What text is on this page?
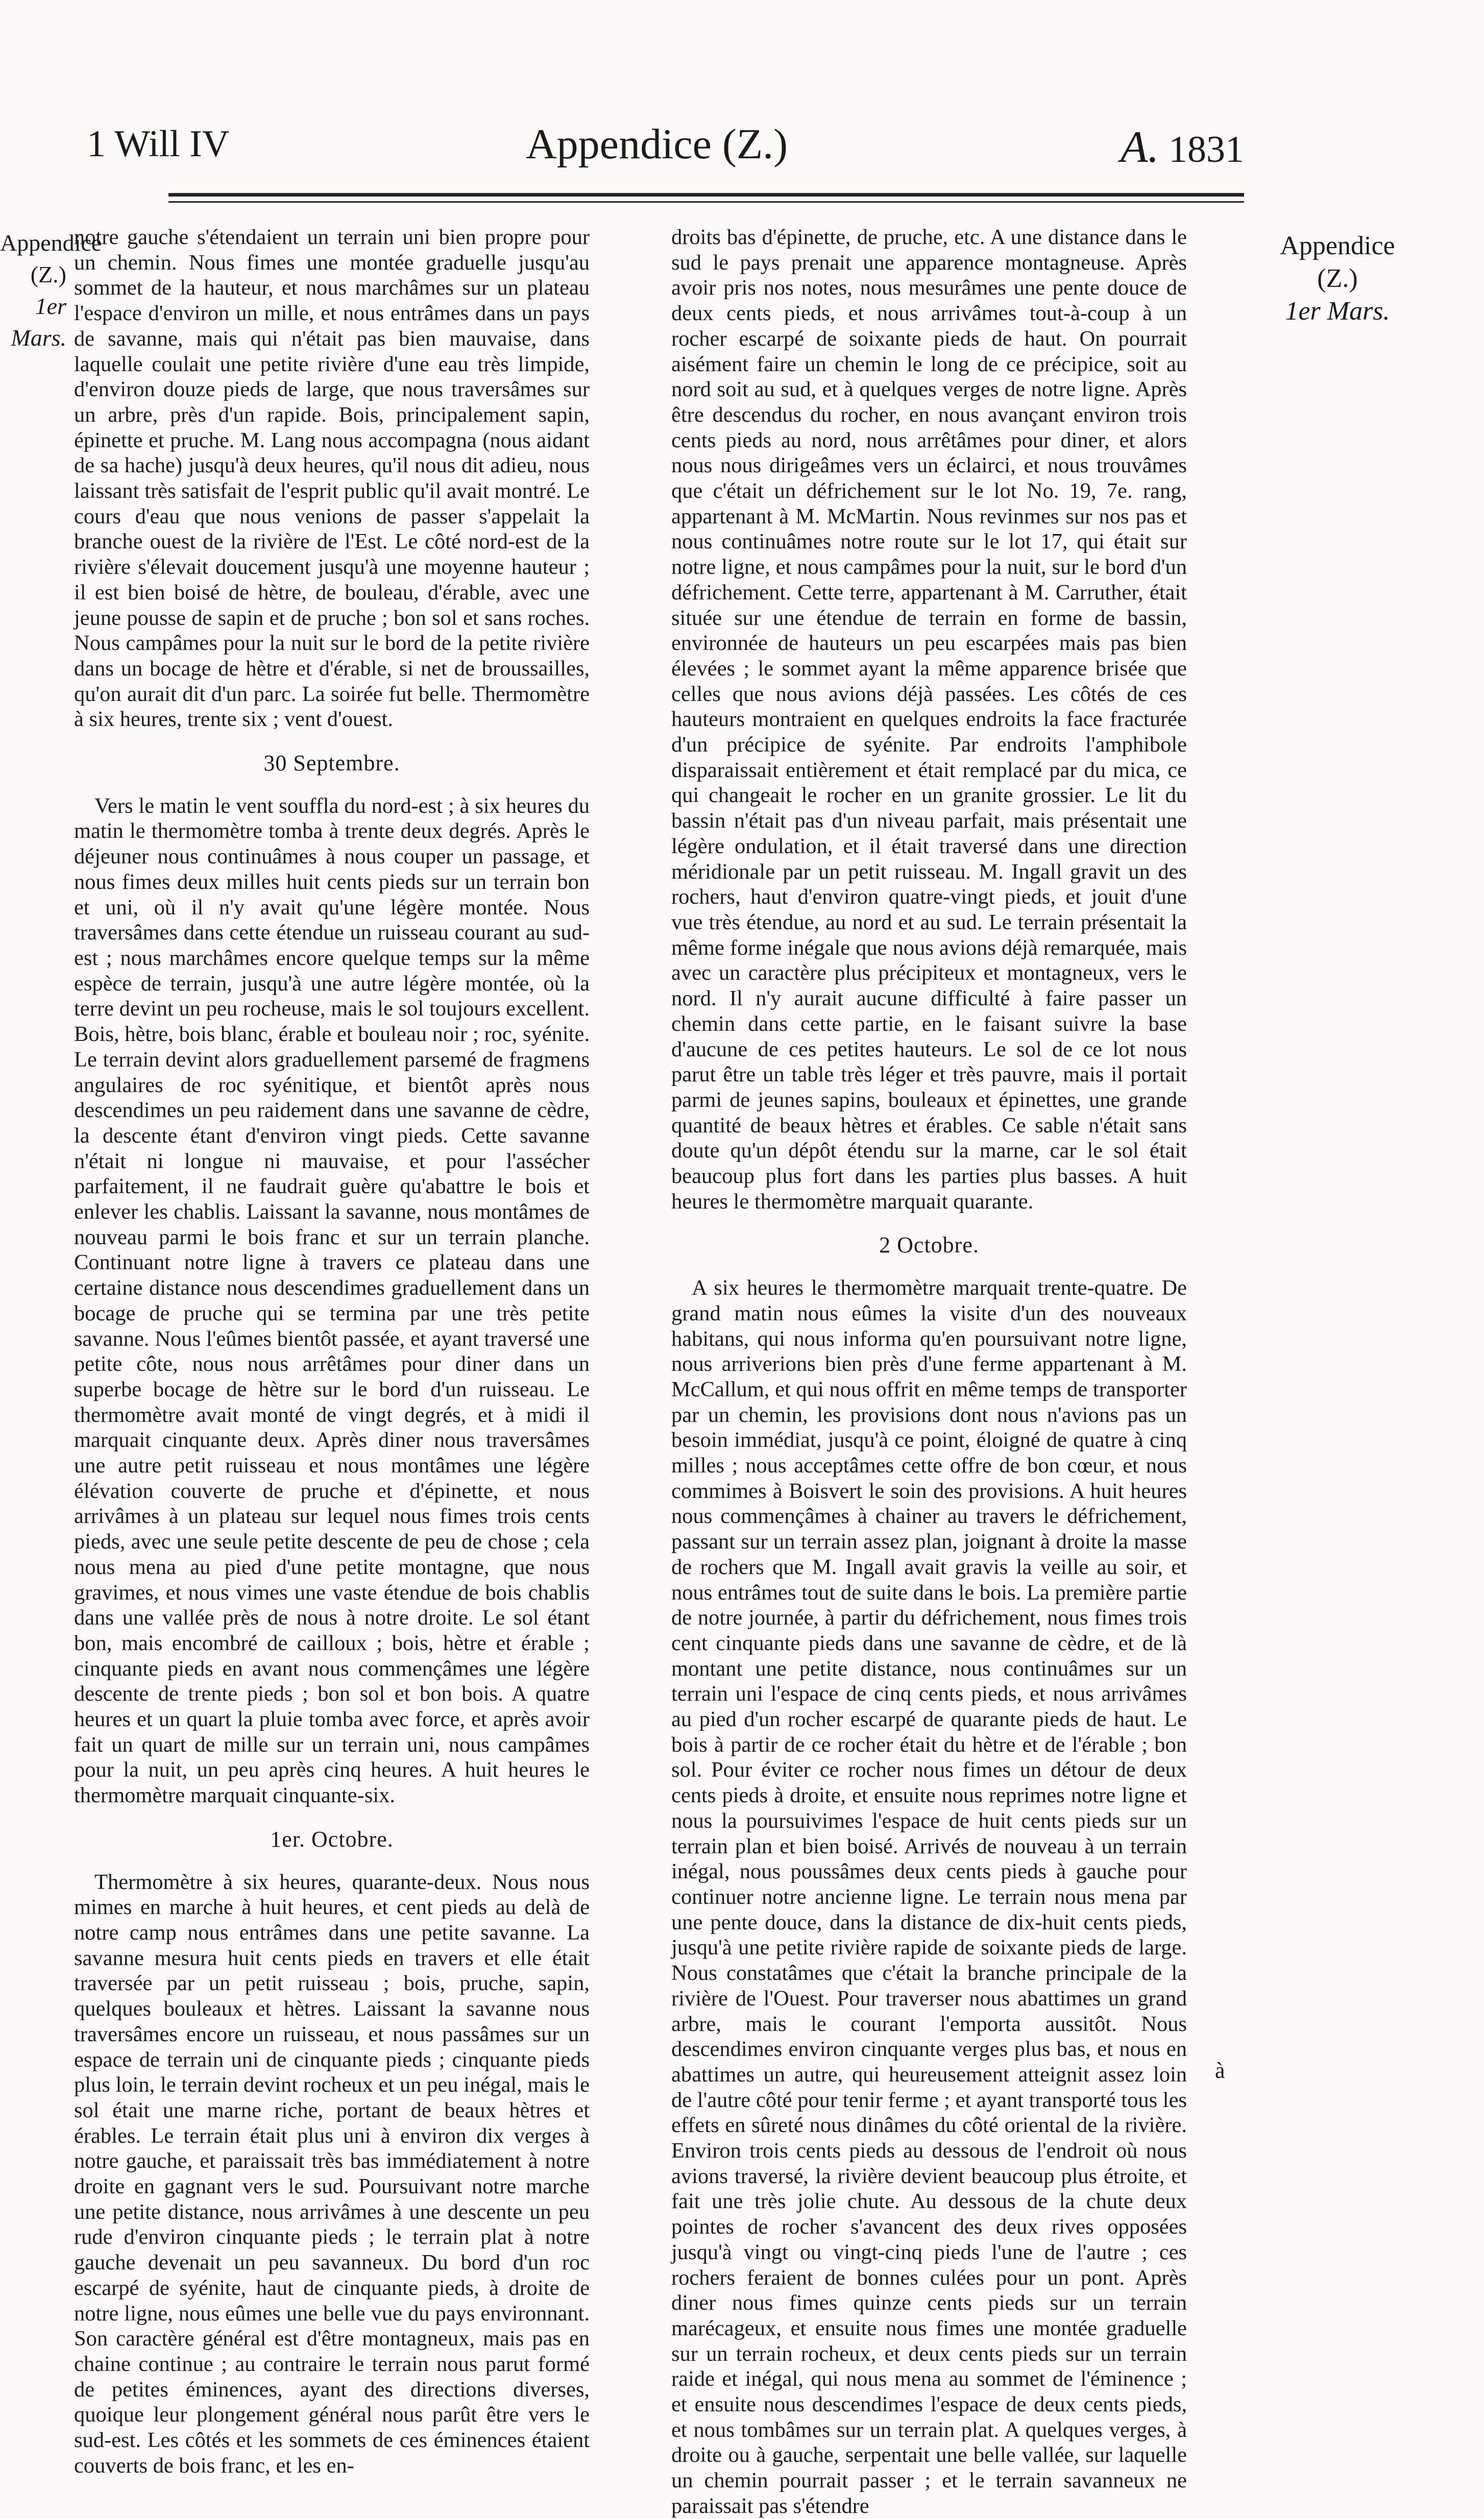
1 Will IV	Appendice (Z.)	A. 1831
Appendice
(Z.)
1er Mars.
Appendice
(Z.)
1er Mars.

notre gauche s'étendaient un terrain uni bien propre pour un chemin. Nous fimes une montée graduelle jusqu'au sommet de la hauteur, et nous marchâmes sur un plateau l'espace d'environ un mille, et nous entrâmes dans un pays de savanne, mais qui n'était pas bien mauvaise, dans laquelle coulait une petite rivière d'une eau très limpide, d'environ douze pieds de large, que nous traversâmes sur un arbre, près d'un rapide. Bois, principalement sapin, épinette et pruche. M. Lang nous accompagna (nous aidant de sa hache) jusqu'à deux heures, qu'il nous dit adieu, nous laissant très satisfait de l'esprit public qu'il avait montré. Le cours d'eau que nous venions de passer s'appelait la branche ouest de la rivière de l'Est. Le côté nord-est de la rivière s'élevait doucement jusqu'à une moyenne hauteur ; il est bien boisé de hètre, de bouleau, d'érable, avec une jeune pousse de sapin et de pruche ; bon sol et sans roches. Nous campâmes pour la nuit sur le bord de la petite rivière dans un bocage de hètre et d'érable, si net de broussailles, qu'on aurait dit d'un parc. La soirée fut belle. Thermomètre à six heures, trente six ; vent d'ouest.

30 Septembre.

Vers le matin le vent souffla du nord-est ; à six heures du matin le thermomètre tomba à trente deux degrés. Après le déjeuner nous continuâmes à nous couper un passage, et nous fimes deux milles huit cents pieds sur un terrain bon et uni, où il n'y avait qu'une légère montée. Nous traversâmes dans cette étendue un ruisseau courant au sud-est ; nous marchâmes encore quelque temps sur la même espèce de terrain, jusqu'à une autre légère montée, où la terre devint un peu rocheuse, mais le sol toujours excellent. Bois, hètre, bois blanc, érable et bouleau noir ; roc, syénite. Le terrain devint alors graduellement parsemé de fragmens angulaires de roc syénitique, et bientôt après nous descendimes un peu raidement dans une savanne de cèdre, la descente étant d'environ vingt pieds. Cette savanne n'était ni longue ni mauvaise, et pour l'assécher parfaitement, il ne faudrait guère qu'abattre le bois et enlever les chablis. Laissant la savanne, nous montâmes de nouveau parmi le bois franc et sur un terrain planche. Continuant notre ligne à travers ce plateau dans une certaine distance nous descendimes graduellement dans un bocage de pruche qui se termina par une très petite savanne. Nous l'eûmes bientôt passée, et ayant traversé une petite côte, nous nous arrêtâmes pour diner dans un superbe bocage de hètre sur le bord d'un ruisseau. Le thermomètre avait monté de vingt degrés, et à midi il marquait cinquante deux. Après diner nous traversâmes une autre petit ruisseau et nous montâmes une légère élévation couverte de pruche et d'épinette, et nous arrivâmes à un plateau sur lequel nous fimes trois cents pieds, avec une seule petite descente de peu de chose ; cela nous mena au pied d'une petite montagne, que nous gravimes, et nous vimes une vaste étendue de bois chablis dans une vallée près de nous à notre droite. Le sol étant bon, mais encombré de cailloux ; bois, hètre et érable ; cinquante pieds en avant nous commençâmes une légère descente de trente pieds ; bon sol et bon bois. A quatre heures et un quart la pluie tomba avec force, et après avoir fait un quart de mille sur un terrain uni, nous campâmes pour la nuit, un peu après cinq heures. A huit heures le thermomètre marquait cinquante-six.

1er. Octobre.

Thermomètre à six heures, quarante-deux. Nous nous mimes en marche à huit heures, et cent pieds au delà de notre camp nous entrâmes dans une petite savanne. La savanne mesura huit cents pieds en travers et elle était traversée par un petit ruisseau ; bois, pruche, sapin, quelques bouleaux et hètres. Laissant la savanne nous traversâmes encore un ruisseau, et nous passâmes sur un espace de terrain uni de cinquante pieds ; cinquante pieds plus loin, le terrain devint rocheux et un peu inégal, mais le sol était une marne riche, portant de beaux hètres et érables. Le terrain était plus uni à environ dix verges à notre gauche, et paraissait très bas immédiatement à notre droite en gagnant vers le sud. Poursuivant notre marche une petite distance, nous arrivâmes à une descente un peu rude d'environ cinquante pieds ; le terrain plat à notre gauche devenait un peu savanneux. Du bord d'un roc escarpé de syénite, haut de cinquante pieds, à droite de notre ligne, nous eûmes une belle vue du pays environnant. Son caractère général est d'être montagneux, mais pas en chaine continue ; au contraire le terrain nous parut formé de petites éminences, ayant des directions diverses, quoique leur plongement général nous parût être vers le sud-est. Les côtés et les sommets de ces éminences étaient couverts de bois franc, et les en-

droits bas d'épinette, de pruche, etc. A une distance dans le sud le pays prenait une apparence montagneuse. Après avoir pris nos notes, nous mesurâmes une pente douce de deux cents pieds, et nous arrivâmes tout-à-coup à un rocher escarpé de soixante pieds de haut. On pourrait aisément faire un chemin le long de ce précipice, soit au nord soit au sud, et à quelques verges de notre ligne. Après être descendus du rocher, en nous avançant environ trois cents pieds au nord, nous arrêtâmes pour diner, et alors nous nous dirigeâmes vers un éclairci, et nous trouvâmes que c'était un défrichement sur le lot No. 19, 7e. rang, appartenant à M. McMartin. Nous revinmes sur nos pas et nous continuâmes notre route sur le lot 17, qui était sur notre ligne, et nous campâmes pour la nuit, sur le bord d'un défrichement. Cette terre, appartenant à M. Carruther, était située sur une étendue de terrain en forme de bassin, environnée de hauteurs un peu escarpées mais pas bien élevées ; le sommet ayant la même apparence brisée que celles que nous avions déjà passées. Les côtés de ces hauteurs montraient en quelques endroits la face fracturée d'un précipice de syénite. Par endroits l'amphibole disparaissait entièrement et était remplacé par du mica, ce qui changeait le rocher en un granite grossier. Le lit du bassin n'était pas d'un niveau parfait, mais présentait une légère ondulation, et il était traversé dans une direction méridionale par un petit ruisseau. M. Ingall gravit un des rochers, haut d'environ quatre-vingt pieds, et jouit d'une vue très étendue, au nord et au sud. Le terrain présentait la même forme inégale que nous avions déjà remarquée, mais avec un caractère plus précipiteux et montagneux, vers le nord. Il n'y aurait aucune difficulté à faire passer un chemin dans cette partie, en le faisant suivre la base d'aucune de ces petites hauteurs. Le sol de ce lot nous parut être un table très léger et très pauvre, mais il portait parmi de jeunes sapins, bouleaux et épinettes, une grande quantité de beaux hètres et érables. Ce sable n'était sans doute qu'un dépôt étendu sur la marne, car le sol était beaucoup plus fort dans les parties plus basses. A huit heures le thermomètre marquait quarante.

2 Octobre.

A six heures le thermomètre marquait trente-quatre. De grand matin nous eûmes la visite d'un des nouveaux habitans, qui nous informa qu'en poursuivant notre ligne, nous arriverions bien près d'une ferme appartenant à M. McCallum, et qui nous offrit en même temps de transporter par un chemin, les provisions dont nous n'avions pas un besoin immédiat, jusqu'à ce point, éloigné de quatre à cinq milles ; nous acceptâmes cette offre de bon cœur, et nous commimes à Boisvert le soin des provisions. A huit heures nous commençâmes à chainer au travers le défrichement, passant sur un terrain assez plan, joignant à droite la masse de rochers que M. Ingall avait gravis la veille au soir, et nous entrâmes tout de suite dans le bois. La première partie de notre journée, à partir du défrichement, nous fimes trois cent cinquante pieds dans une savanne de cèdre, et de là montant une petite distance, nous continuâmes sur un terrain uni l'espace de cinq cents pieds, et nous arrivâmes au pied d'un rocher escarpé de quarante pieds de haut. Le bois à partir de ce rocher était du hètre et de l'érable ; bon sol. Pour éviter ce rocher nous fimes un détour de deux cents pieds à droite, et ensuite nous reprimes notre ligne et nous la poursuivimes l'espace de huit cents pieds sur un terrain plan et bien boisé. Arrivés de nouveau à un terrain inégal, nous poussâmes deux cents pieds à gauche pour continuer notre ancienne ligne. Le terrain nous mena par une pente douce, dans la distance de dix-huit cents pieds, jusqu'à une petite rivière rapide de soixante pieds de large. Nous constatâmes que c'était la branche principale de la rivière de l'Ouest. Pour traverser nous abattimes un grand arbre, mais le courant l'emporta aussitôt. Nous descendimes environ cinquante verges plus bas, et nous en abattimes un autre, qui heureusement atteignit assez loin de l'autre côté pour tenir ferme ; et ayant transporté tous les effets en sûreté nous dinâmes du côté oriental de la rivière. Environ trois cents pieds au dessous de l'endroit où nous avions traversé, la rivière devient beaucoup plus étroite, et fait une très jolie chute. Au dessous de la chute deux pointes de rocher s'avancent des deux rives opposées jusqu'à vingt ou vingt-cinq pieds l'une de l'autre ; ces rochers feraient de bonnes culées pour un pont. Après diner nous fimes quinze cents pieds sur un terrain marécageux, et ensuite nous fimes une montée graduelle sur un terrain rocheux, et deux cents pieds sur un terrain raide et inégal, qui nous mena au sommet de l'éminence ; et ensuite nous descendimes l'espace de deux cents pieds, et nous tombâmes sur un terrain plat. A quelques verges, à droite ou à gauche, serpentait une belle vallée, sur laquelle un chemin pourrait passer ; et le terrain savanneux ne paraissait pas s'étendre

à
